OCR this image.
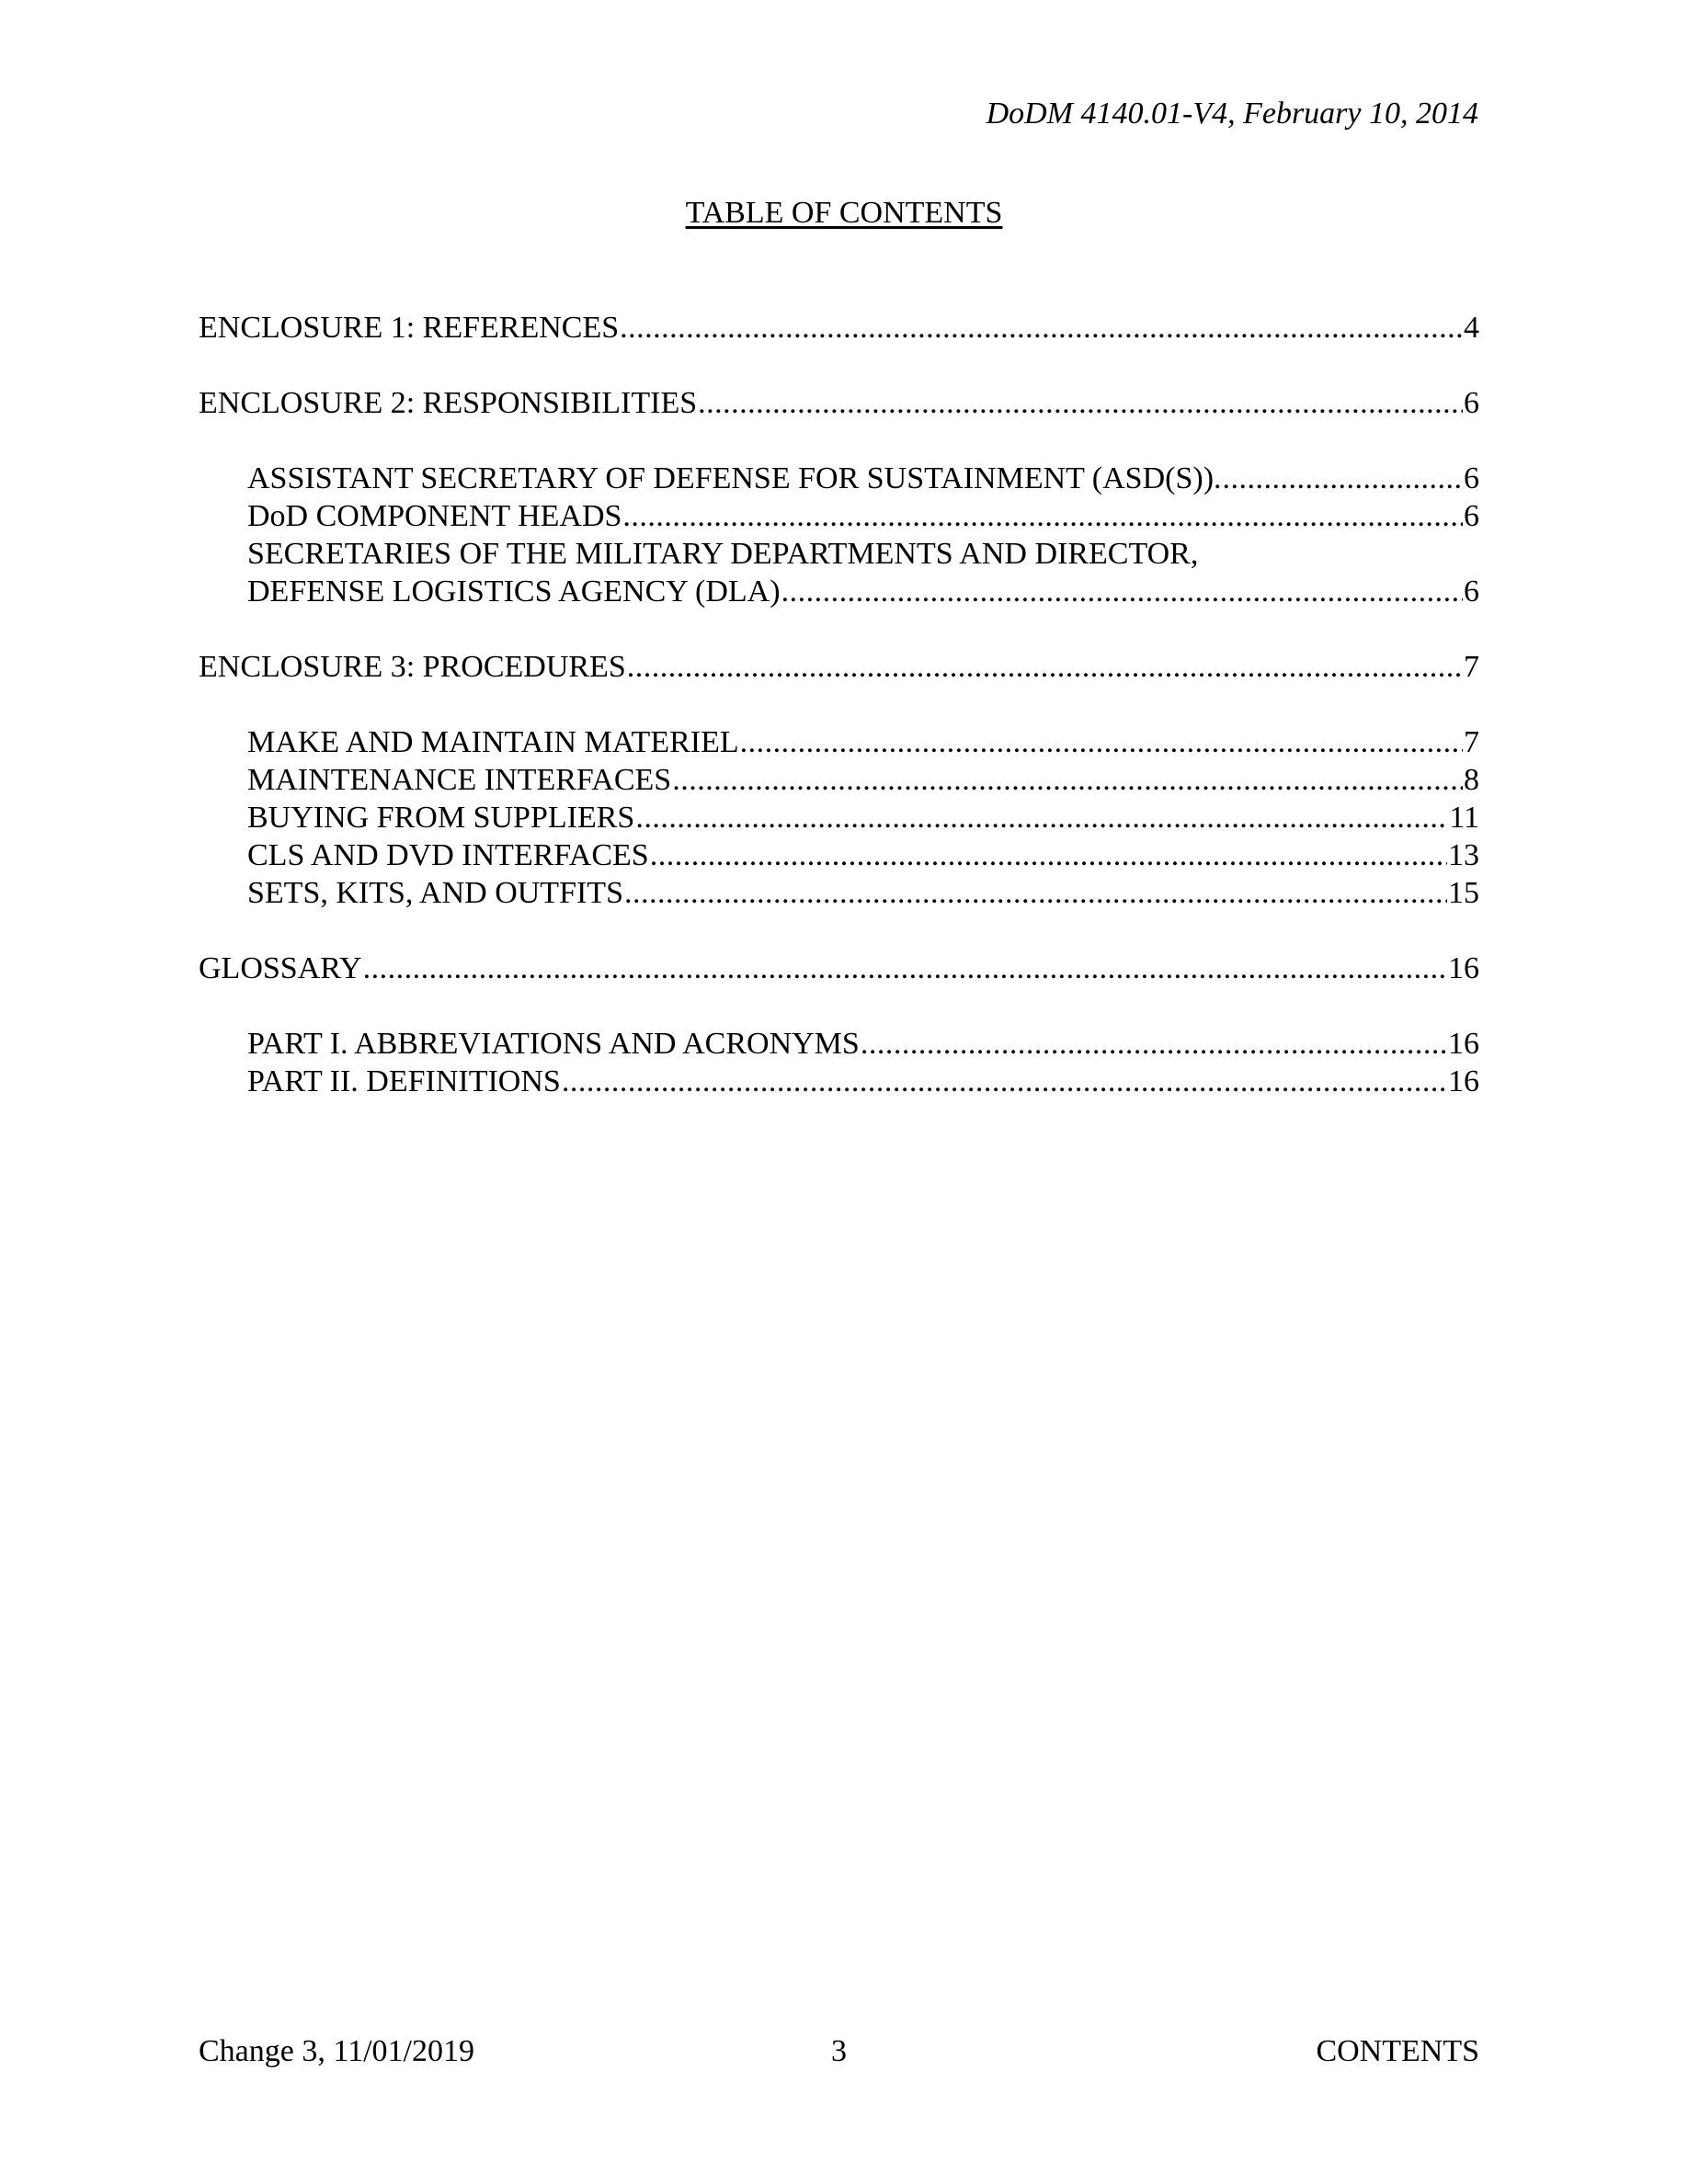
DoDM 4140.01-V4, February 10, 2014
TABLE OF CONTENTS
ENCLOSURE 1: REFERENCES .....	4
ENCLOSURE 2: RESPONSIBILITIES .....	6
ASSISTANT SECRETARY OF DEFENSE FOR SUSTAINMENT (ASD(S)). .....	6
DoD COMPONENT HEADS .....	6
SECRETARIES OF THE MILITARY DEPARTMENTS AND DIRECTOR,
DEFENSE LOGISTICS AGENCY (DLA) .....	6
ENCLOSURE 3: PROCEDURES .....	7
MAKE AND MAINTAIN MATERIEL .....	7
MAINTENANCE INTERFACES .....	8
BUYING FROM SUPPLIERS .....	11
CLS AND DVD INTERFACES .....	13
SETS, KITS, AND OUTFITS .....	15
GLOSSARY .....	16
PART I. ABBREVIATIONS AND ACRONYMS .....	16
PART II. DEFINITIONS .....	16
Change 3, 11/01/2019	3	CONTENTS
